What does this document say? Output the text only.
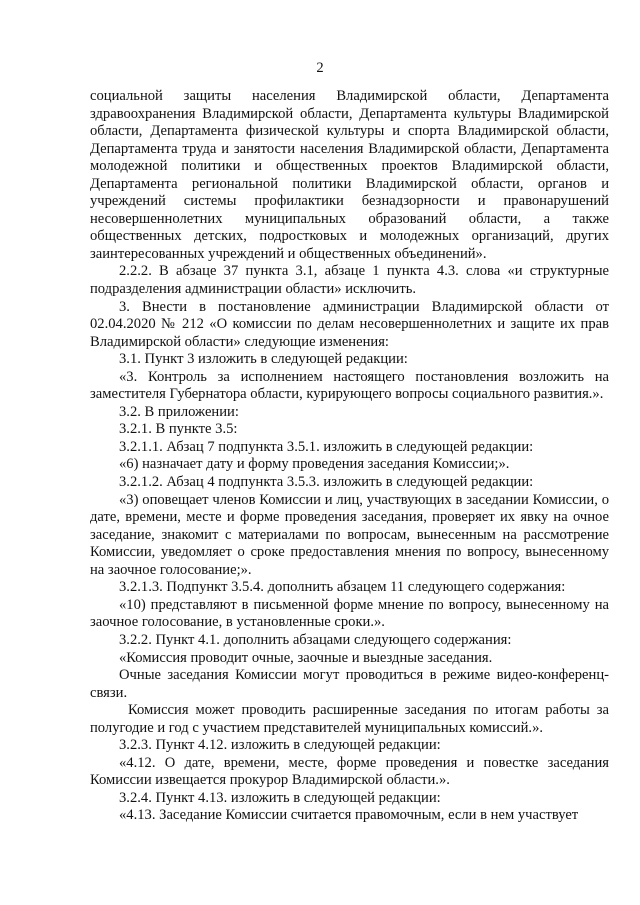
2

социальной защиты населения Владимирской области, Департамента здравоохранения Владимирской области, Департамента культуры Владимирской области, Департамента физической культуры и спорта Владимирской области, Департамента труда и занятости населения Владимирской области, Департамента молодежной политики и общественных проектов Владимирской области, Департамента региональной политики Владимирской области, органов и учреждений системы профилактики безнадзорности и правонарушений несовершеннолетних муниципальных образований области, а также общественных детских, подростковых и молодежных организаций, других заинтересованных учреждений и общественных объединений».

2.2.2. В абзаце 37 пункта 3.1, абзаце 1 пункта 4.3. слова «и структурные подразделения администрации области» исключить.

3. Внести в постановление администрации Владимирской области от 02.04.2020 № 212 «О комиссии по делам несовершеннолетних и защите их прав Владимирской области» следующие изменения:

3.1. Пункт 3 изложить в следующей редакции:

«3. Контроль за исполнением настоящего постановления возложить на заместителя Губернатора области, курирующего вопросы социального развития.».

3.2. В приложении:

3.2.1. В пункте 3.5:

3.2.1.1. Абзац 7 подпункта 3.5.1. изложить в следующей редакции:

«6) назначает дату и форму проведения заседания Комиссии;».

3.2.1.2. Абзац 4 подпункта 3.5.3. изложить в следующей редакции:

«3) оповещает членов Комиссии и лиц, участвующих в заседании Комиссии, о дате, времени, месте и форме проведения заседания, проверяет их явку на очное заседание, знакомит с материалами по вопросам, вынесенным на рассмотрение Комиссии, уведомляет о сроке предоставления мнения по вопросу, вынесенному на заочное голосование;».

3.2.1.3. Подпункт 3.5.4. дополнить абзацем 11 следующего содержания:

«10) представляют в письменной форме мнение по вопросу, вынесенному на заочное голосование, в установленные сроки.».

3.2.2. Пункт 4.1. дополнить абзацами следующего содержания:

«Комиссия проводит очные, заочные и выездные заседания.

Очные заседания Комиссии могут проводиться в режиме видео-конференц-связи.

Комиссия может проводить расширенные заседания по итогам работы за полугодие и год с участием представителей муниципальных комиссий.».

3.2.3. Пункт 4.12. изложить в следующей редакции:

«4.12. О дате, времени, месте, форме проведения и повестке заседания Комиссии извещается прокурор Владимирской области.».

3.2.4. Пункт 4.13. изложить в следующей редакции:

«4.13. Заседание Комиссии считается правомочным, если в нем участвует
